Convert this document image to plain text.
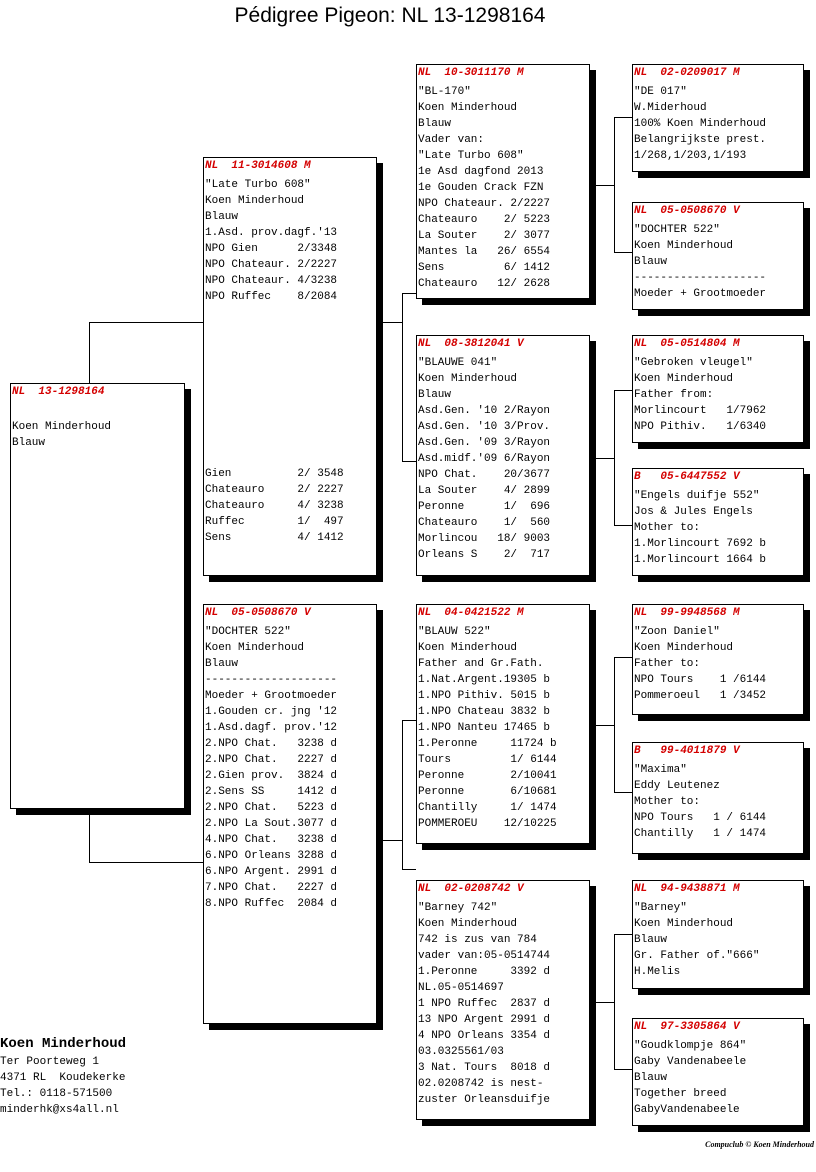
Pédigree Pigeon: NL 13-1298164
NL  13-1298164
Koen Minderhoud
Blauw
NL  11-3014608 M
"Late Turbo 608"
Koen Minderhoud
Blauw
1.Asd. prov.dagf.'13
NPO Gien      2/3348
NPO Chateaur. 2/2227
NPO Chateaur. 4/3238
NPO Ruffec    8/2084
Gien          2/ 3548
Chateauro     2/ 2227
Chateauro     4/ 3238
Ruffec        1/  497
Sens          4/ 1412
NL  05-0508670 V
"DOCHTER 522"
Koen Minderhoud
Blauw
--------------------
Moeder + Grootmoeder
1.Gouden cr. jng '12
1.Asd.dagf. prov.'12
2.NPO Chat.   3238 d
2.NPO Chat.   2227 d
2.Gien prov.  3824 d
2.Sens SS     1412 d
2.NPO Chat.   5223 d
2.NPO La Sout.3077 d
4.NPO Chat.   3238 d
6.NPO Orleans 3288 d
6.NPO Argent. 2991 d
7.NPO Chat.   2227 d
8.NPO Ruffec  2084 d
NL  10-3011170 M
"BL-170"
Koen Minderhoud
Blauw
Vader van:
"Late Turbo 608"
1e Asd dagfond 2013
1e Gouden Crack FZN
NPO Chateaur. 2/2227
Chateauro    2/ 5223
La Souter    2/ 3077
Mantes la   26/ 6554
Sens         6/ 1412
Chateauro   12/ 2628
NL  08-3812041 V
"BLAUWE 041"
Koen Minderhoud
Blauw
Asd.Gen. '10 2/Rayon
Asd.Gen. '10 3/Prov.
Asd.Gen. '09 3/Rayon
Asd.midf.'09 6/Rayon
NPO Chat.    20/3677
La Souter    4/ 2899
Peronne      1/  696
Chateauro    1/  560
Morlincou   18/ 9003
Orleans S    2/  717
NL  04-0421522 M
"BLAUW 522"
Koen Minderhoud
Father and Gr.Fath.
1.Nat.Argent.19305 b
1.NPO Pithiv. 5015 b
1.NPO Chateau 3832 b
1.NPO Nanteu 17465 b
1.Peronne     11724 b
Tours         1/ 6144
Peronne       2/10041
Peronne       6/10681
Chantilly     1/ 1474
POMMEROEU    12/10225
NL  02-0208742 V
"Barney 742"
Koen Minderhoud
742 is zus van 784
vader van:05-0514744
1.Peronne     3392 d
NL.05-0514697
1 NPO Ruffec  2837 d
13 NPO Argent 2991 d
4 NPO Orleans 3354 d
03.0325561/03
3 Nat. Tours  8018 d
02.0208742 is nest-
zuster Orleansduifje
NL  02-0209017 M
"DE 017"
W.Miderhoud
100% Koen Minderhoud
Belangrijkste prest.
1/268,1/203,1/193
NL  05-0508670 V
"DOCHTER 522"
Koen Minderhoud
Blauw
--------------------
Moeder + Grootmoeder
NL  05-0514804 M
"Gebroken vleugel"
Koen Minderhoud
Father from:
Morlincourt   1/7962
NPO Pithiv.   1/6340
B   05-6447552 V
"Engels duifje 552"
Jos & Jules Engels
Mother to:
1.Morlincourt 7692 b
1.Morlincourt 1664 b
NL  99-9948568 M
"Zoon Daniel"
Koen Minderhoud
Father to:
NPO Tours    1 /6144
Pommeroeul   1 /3452
B   99-4011879 V
"Maxima"
Eddy Leutenez
Mother to:
NPO Tours   1 / 6144
Chantilly   1 / 1474
NL  94-9438871 M
"Barney"
Koen Minderhoud
Blauw
Gr. Father of."666"
H.Melis
NL  97-3305864 V
"Goudklompje 864"
Gaby Vandenabeele
Blauw
Together breed
GabyVandenabeele
Koen Minderhoud
Ter Poorteweg 1
4371 RL  Koudekerke
Tel.: 0118-571500
minderhk@xs4all.nl
Compuclub © Koen Minderhoud
